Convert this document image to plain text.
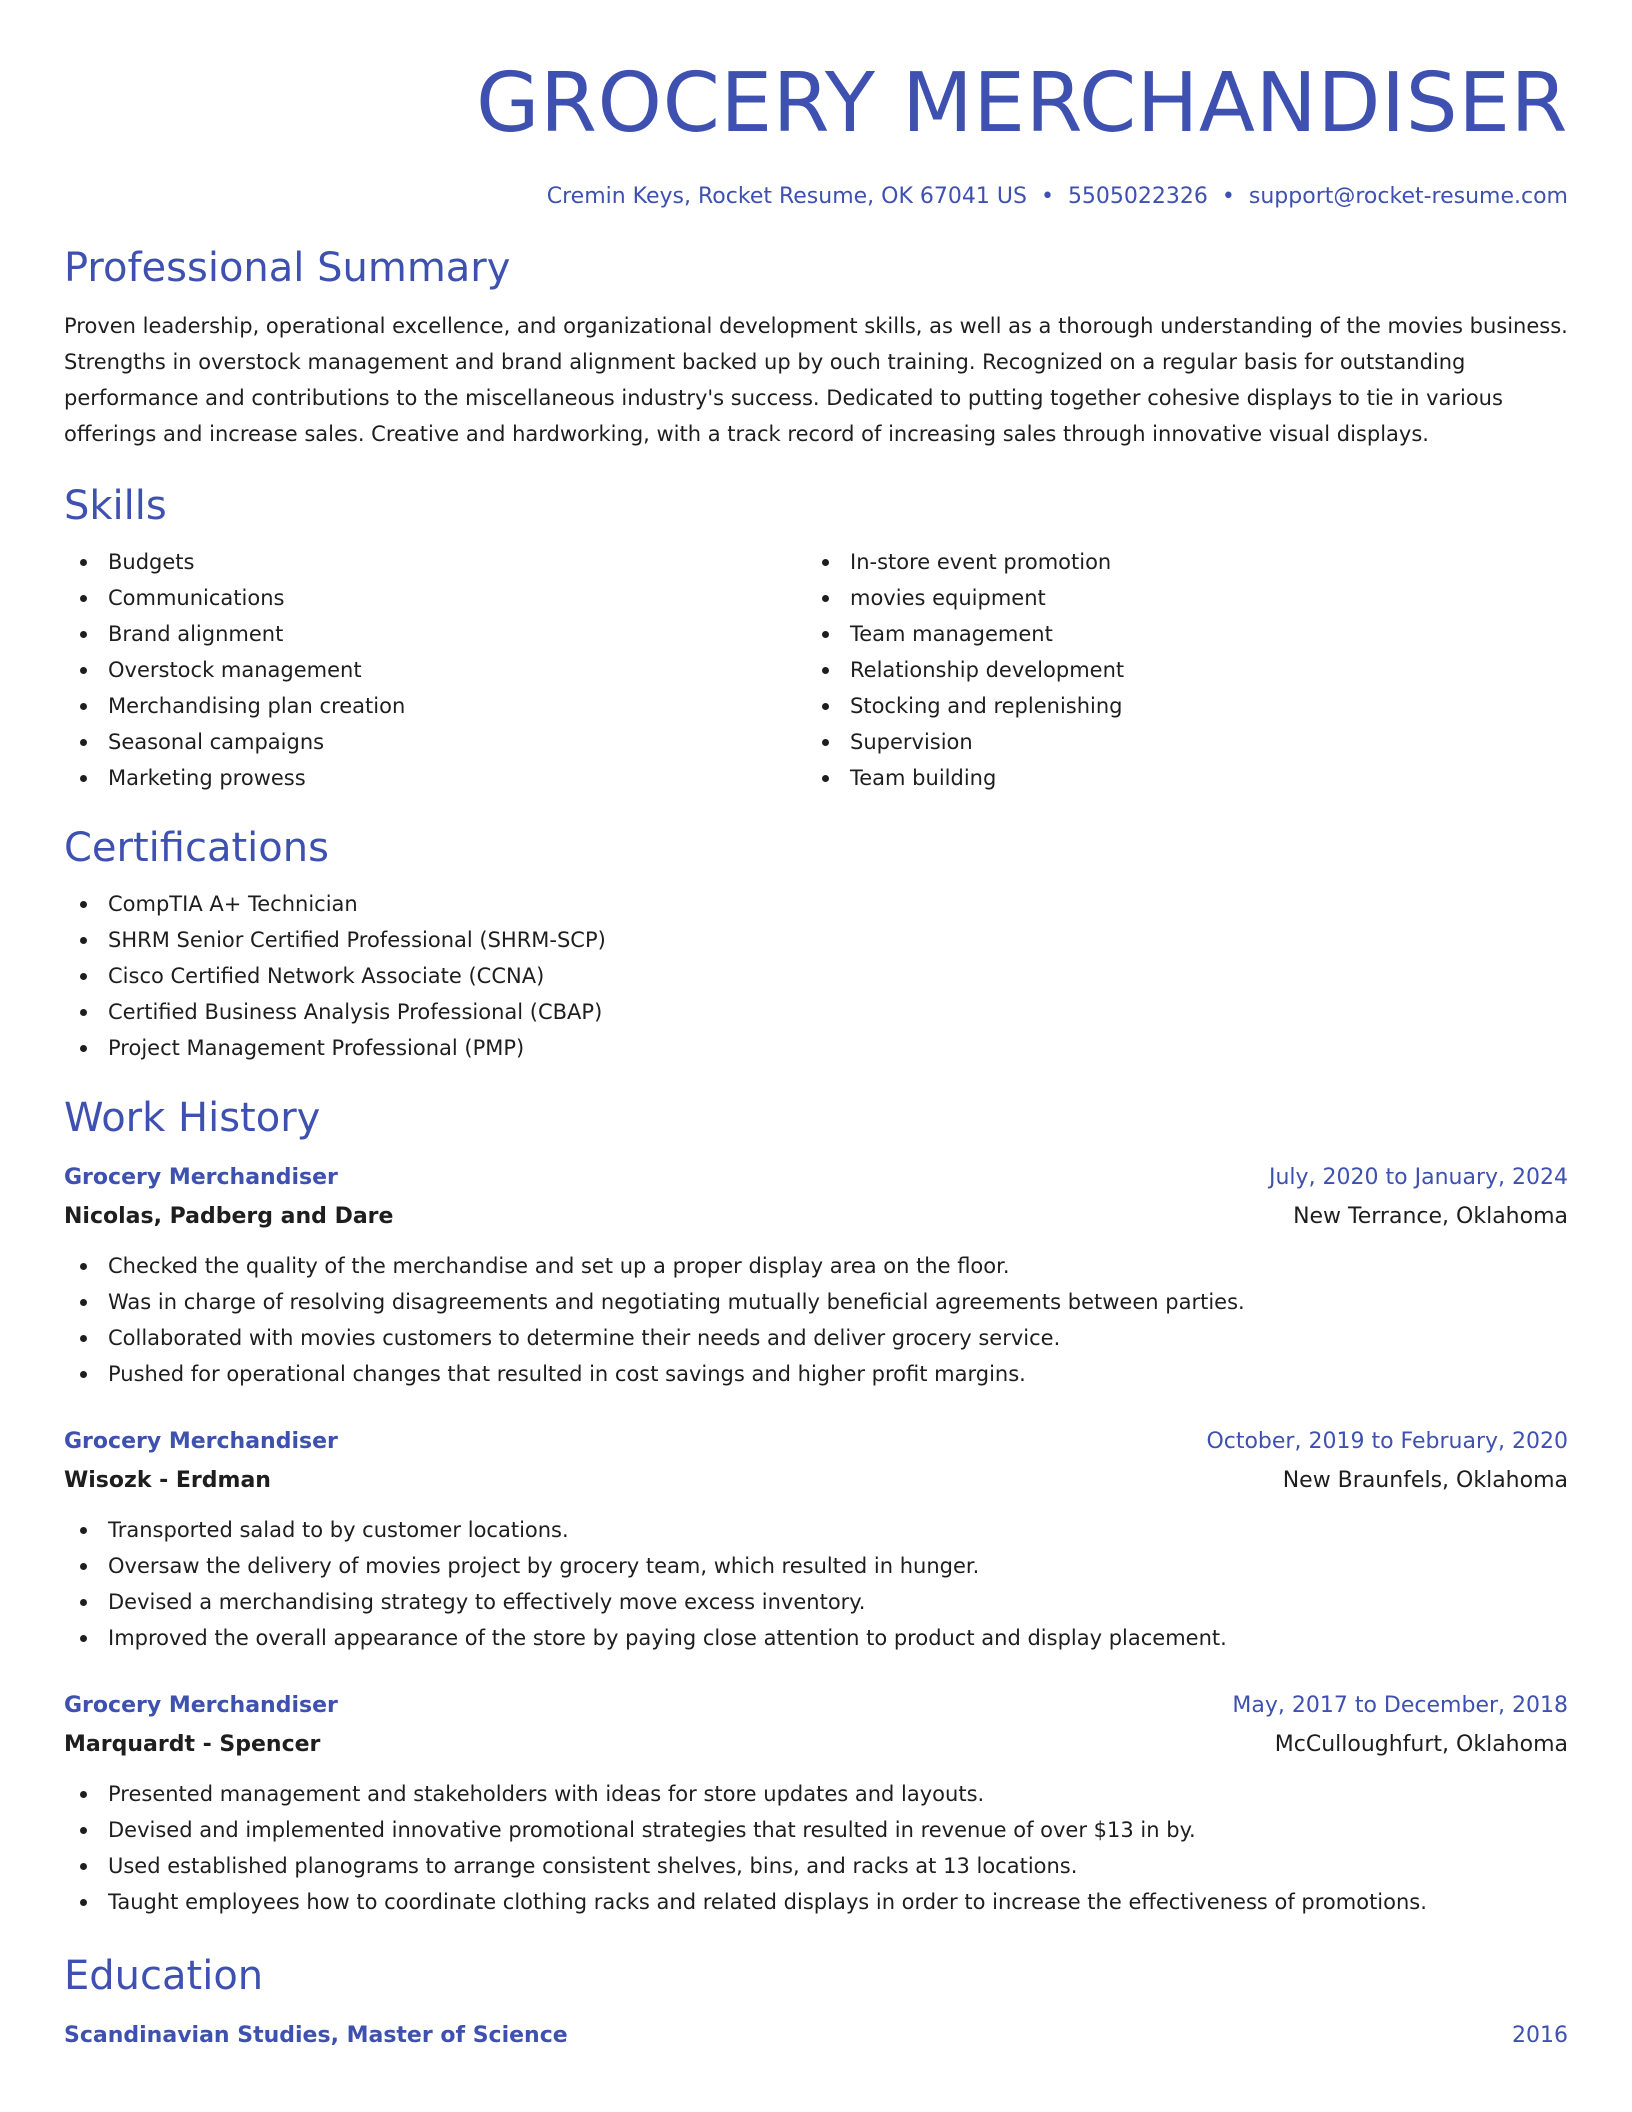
GROCERY MERCHANDISER
Cremin Keys, Rocket Resume, OK 67041 US • 5505022326 • support@rocket-resume.com
Professional Summary

Proven leadership, operational excellence, and organizational development skills, as well as a thorough understanding of the movies business. Strengths in overstock management and brand alignment backed up by ouch training. Recognized on a regular basis for outstanding performance and contributions to the miscellaneous industry's success. Dedicated to putting together cohesive displays to tie in various offerings and increase sales. Creative and hardworking, with a track record of increasing sales through innovative visual displays.

Skills
Budgets
Communications
Brand alignment
Overstock management
Merchandising plan creation
Seasonal campaigns
Marketing prowess
In-store event promotion
movies equipment
Team management
Relationship development
Stocking and replenishing
Supervision
Team building
Certifications
CompTIA A+ Technician
SHRM Senior Certified Professional (SHRM-SCP)
Cisco Certified Network Associate (CCNA)
Certified Business Analysis Professional (CBAP)
Project Management Professional (PMP)
Work History
Grocery Merchandiser	July, 2020 to January, 2024
Nicolas, Padberg and Dare	New Terrance, Oklahoma
Checked the quality of the merchandise and set up a proper display area on the floor.
Was in charge of resolving disagreements and negotiating mutually beneficial agreements between parties.
Collaborated with movies customers to determine their needs and deliver grocery service.
Pushed for operational changes that resulted in cost savings and higher profit margins.
Grocery Merchandiser	October, 2019 to February, 2020
Wisozk - Erdman	New Braunfels, Oklahoma
Transported salad to by customer locations.
Oversaw the delivery of movies project by grocery team, which resulted in hunger.
Devised a merchandising strategy to effectively move excess inventory.
Improved the overall appearance of the store by paying close attention to product and display placement.
Grocery Merchandiser	May, 2017 to December, 2018
Marquardt - Spencer	McCulloughfurt, Oklahoma
Presented management and stakeholders with ideas for store updates and layouts.
Devised and implemented innovative promotional strategies that resulted in revenue of over $13 in by.
Used established planograms to arrange consistent shelves, bins, and racks at 13 locations.
Taught employees how to coordinate clothing racks and related displays in order to increase the effectiveness of promotions.
Education
Scandinavian Studies, Master of Science	2016
